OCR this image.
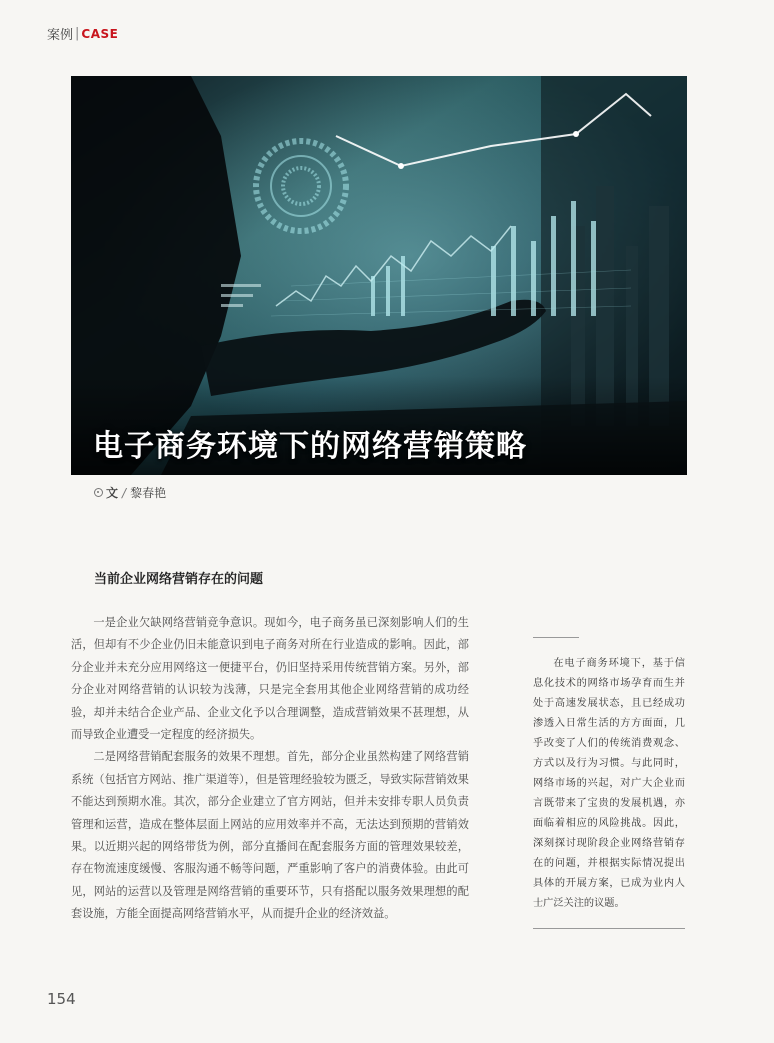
案例 | CASE
电子商务环境下的网络营销策略
文 / 黎春艳
当前企业网络营销存在的问题

一是企业欠缺网络营销竞争意识。现如今，电子商务虽已深刻影响人们的生活，但却有不少企业仍旧未能意识到电子商务对所在行业造成的影响。因此，部分企业并未充分应用网络这一便捷平台，仍旧坚持采用传统营销方案。另外，部分企业对网络营销的认识较为浅薄，只是完全套用其他企业网络营销的成功经验，却并未结合企业产品、企业文化予以合理调整，造成营销效果不甚理想，从而导致企业遭受一定程度的经济损失。

二是网络营销配套服务的效果不理想。首先，部分企业虽然构建了网络营销系统（包括官方网站、推广渠道等），但是管理经验较为匮乏，导致实际营销效果不能达到预期水准。其次，部分企业建立了官方网站，但并未安排专职人员负责管理和运营，造成在整体层面上网站的应用效率并不高，无法达到预期的营销效果。以近期兴起的网络带货为例，部分直播间在配套服务方面的管理效果较差，存在物流速度缓慢、客服沟通不畅等问题，严重影响了客户的消费体验。由此可见，网站的运营以及管理是网络营销的重要环节，只有搭配以服务效果理想的配套设施，方能全面提高网络营销水平，从而提升企业的经济效益。

在电子商务环境下，基于信息化技术的网络市场孕育而生并处于高速发展状态，且已经成功渗透入日常生活的方方面面，几乎改变了人们的传统消费观念、方式以及行为习惯。与此同时，网络市场的兴起，对广大企业而言既带来了宝贵的发展机遇，亦面临着相应的风险挑战。因此，深刻探讨现阶段企业网络营销存在的问题，并根据实际情况提出具体的开展方案，已成为业内人士广泛关注的议题。
154
